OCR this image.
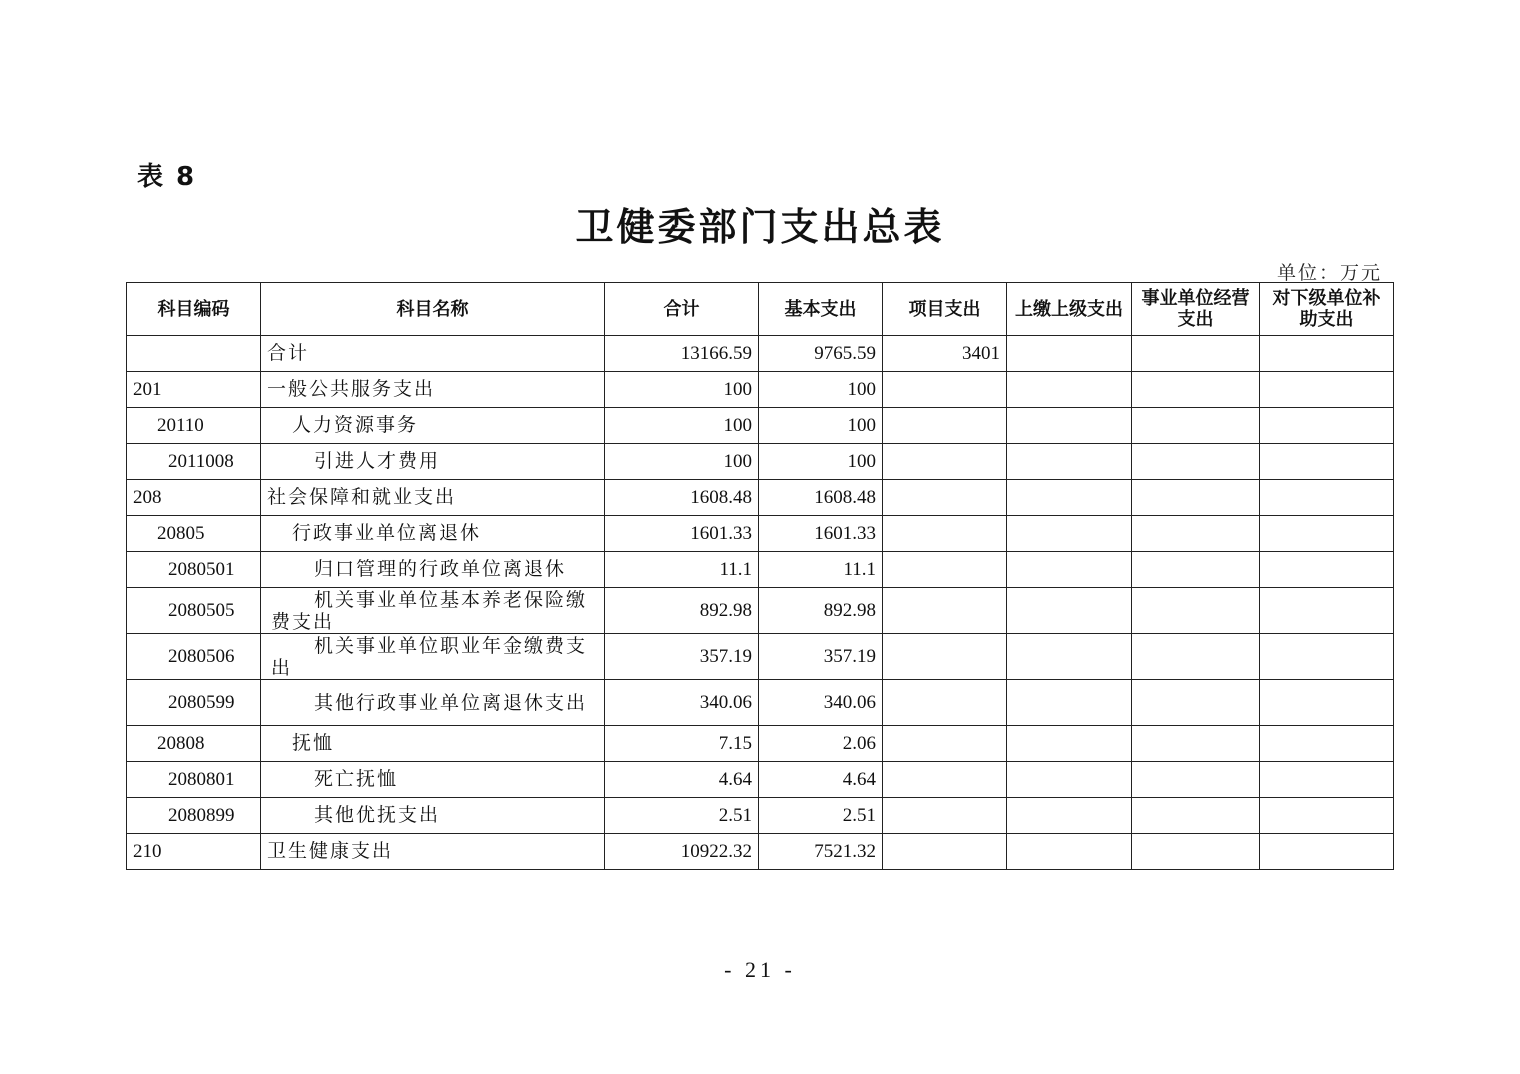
表 8
卫健委部门支出总表
单位：万元
科目编码	科目名称	合计	基本支出	项目支出	上缴上级支出	事业单位经营支出	对下级单位补助支出
	合计	13166.59	9765.59	3401			
201	一般公共服务支出	100	100				
20110	人力资源事务	100	100				
2011008	引进人才费用	100	100				
208	社会保障和就业支出	1608.48	1608.48				
20805	行政事业单位离退休	1601.33	1601.33				
2080501	归口管理的行政单位离退休	11.1	11.1				
2080505	机关事业单位基本养老保险缴费支出	892.98	892.98				
2080506	机关事业单位职业年金缴费支出	357.19	357.19				
2080599	其他行政事业单位离退休支出	340.06	340.06				
20808	抚恤	7.15	2.06				
2080801	死亡抚恤	4.64	4.64				
2080899	其他优抚支出	2.51	2.51				
210	卫生健康支出	10922.32	7521.32				
- 21 -
